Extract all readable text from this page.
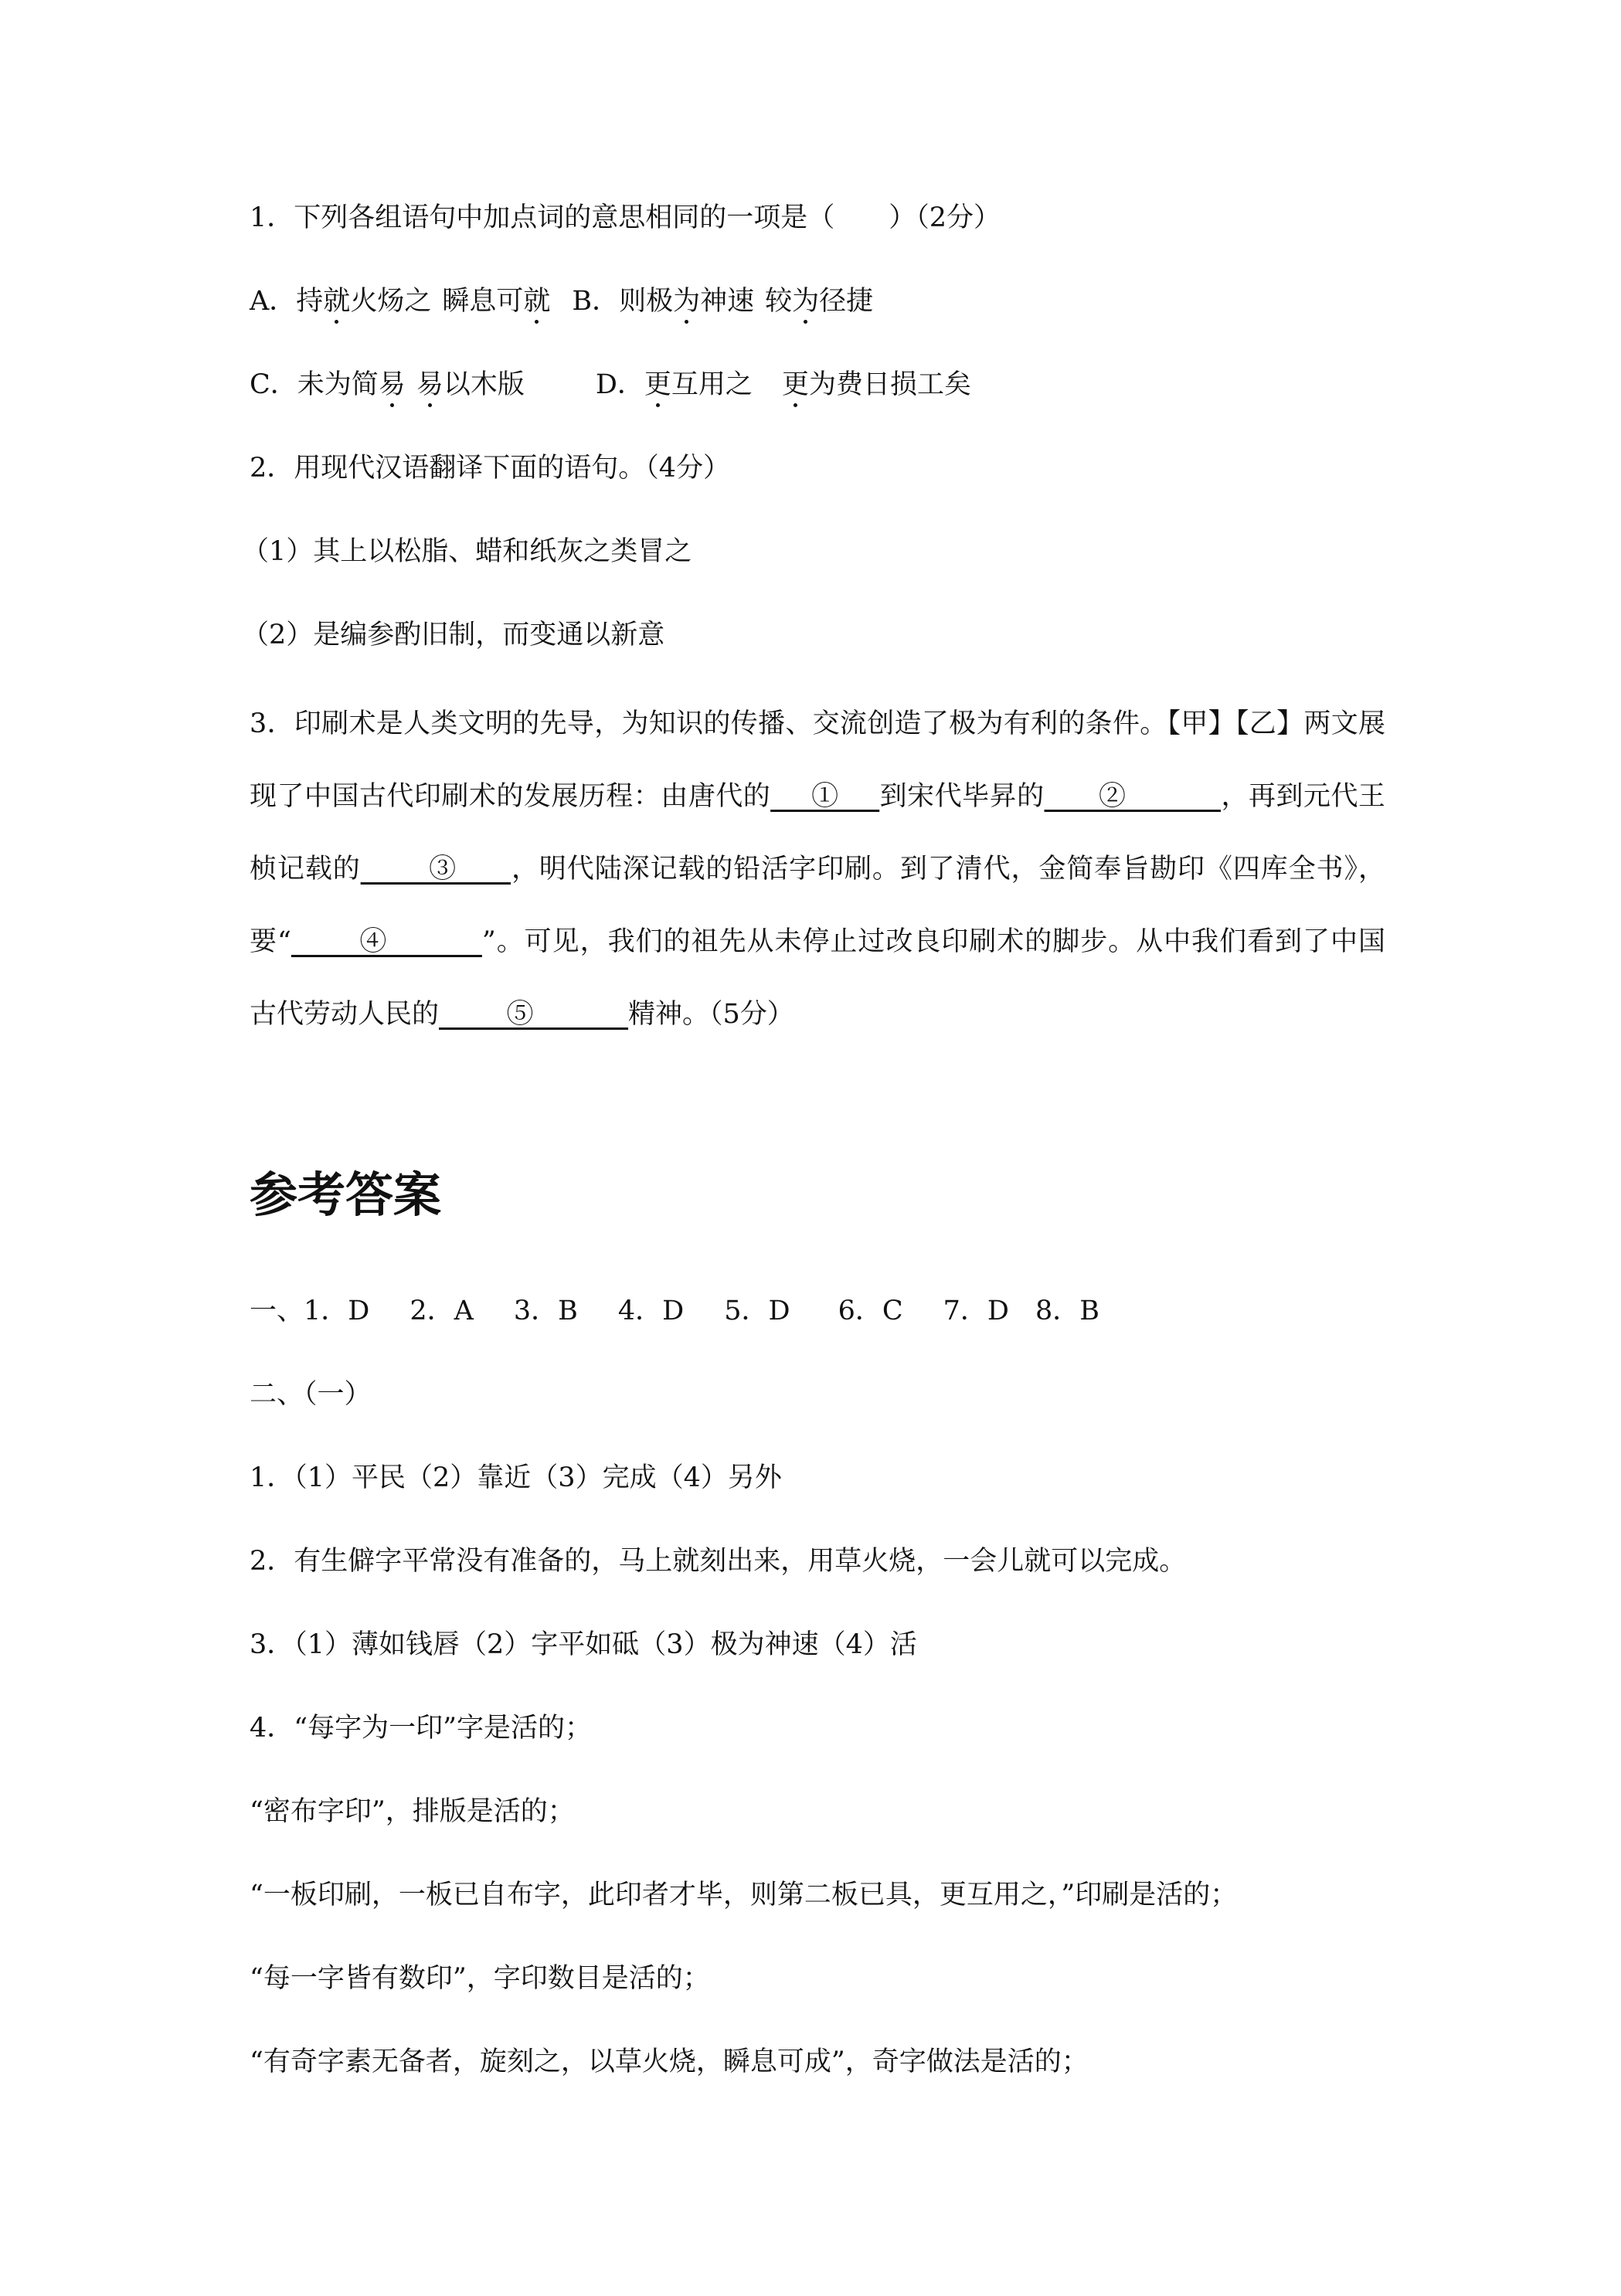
1．下列各组语句中加点词的意思相同的一项是（　　）（2分）
A．持就火炀之 瞬息可就 B．则极为神速 较为径捷
C．未为简易 易以木版	D．更互用之 更为费日损工矣
2．用现代汉语翻译下面的语句。（4分）
（1）其上以松脂、蜡和纸灰之类冒之
（2）是编参酌旧制，而变通以新意
3．印刷术是人类文明的先导，为知识的传播、交流创造了极为有利的条件。【甲】【乙】两文展现了中国古代印刷术的发展历程：由唐代的___①___到宋代毕昇的____②_______，再到元代王桢记载的_____③____，明代陆深记载的铅活字印刷。到了清代，金简奉旨勘印《四库全书》，要“_____④_______”。可见，我们的祖先从未停止过改良印刷术的脚步。从中我们看到了中国古代劳动人民的_____⑤_______精神。（5分）
参考答案
一、1．D 2．A 3．B 4．D 5．D 6．C 7．D 8．B
二、（一）
1．（1）平民（2）靠近（3）完成（4）另外
2．有生僻字平常没有准备的，马上就刻出来，用草火烧，一会儿就可以完成。
3．（1）薄如钱唇（2）字平如砥（3）极为神速（4）活
4．“每字为一印”字是活的；
“密布字印”，排版是活的；
“一板印刷，一板已自布字，此印者才毕，则第二板已具，更互用之，”印刷是活的；
“每一字皆有数印”，字印数目是活的；
“有奇字素无备者，旋刻之，以草火烧，瞬息可成”，奇字做法是活的；
